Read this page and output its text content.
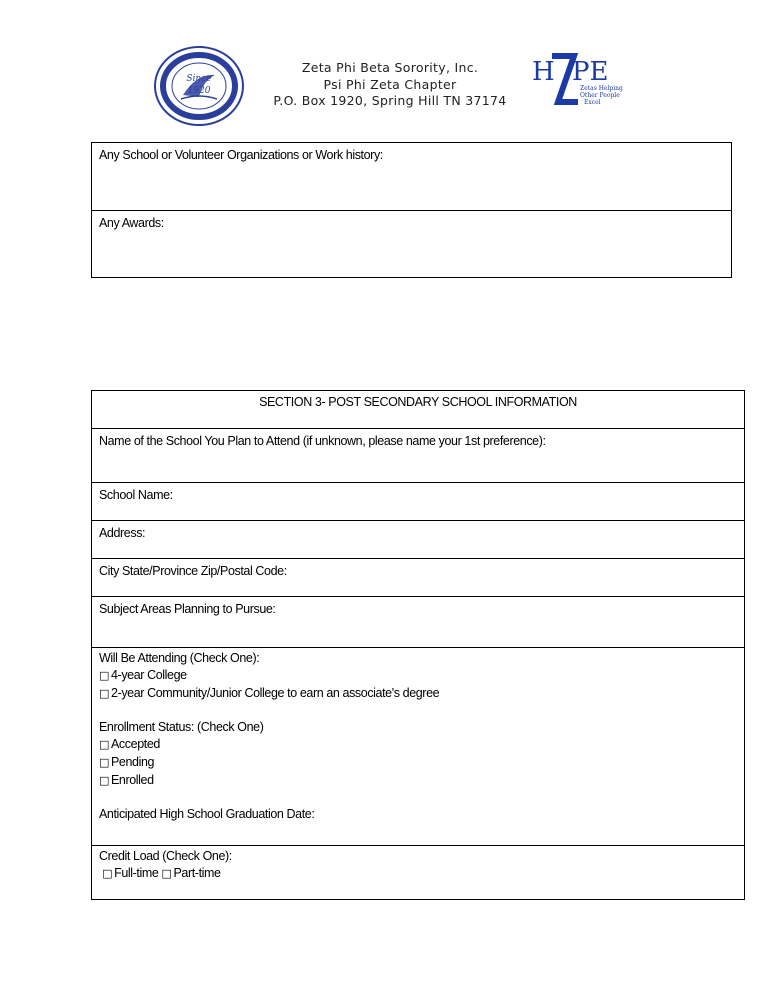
Since
1920
Zeta Phi Beta Sorority, Inc.
Psi Phi Zeta Chapter
P.O. Box 1920, Spring Hill TN 37174
H PE
Zetas Helping
Other People
Excel
Any School or Volunteer Organizations or Work history:
Any Awards:
SECTION 3- POST SECONDARY SCHOOL INFORMATION
Name of the School You Plan to Attend (if unknown, please name your 1st preference):
School Name:
Address:
City State/Province Zip/Postal Code:
Subject Areas Planning to Pursue:
Will Be Attending (Check One):
□ 4-year College
□ 2-year Community/Junior College to earn an associate's degree
Enrollment Status: (Check One)
□ Accepted
□ Pending
□ Enrolled
Anticipated High School Graduation Date:
Credit Load (Check One):
□ Full-time □ Part-time
